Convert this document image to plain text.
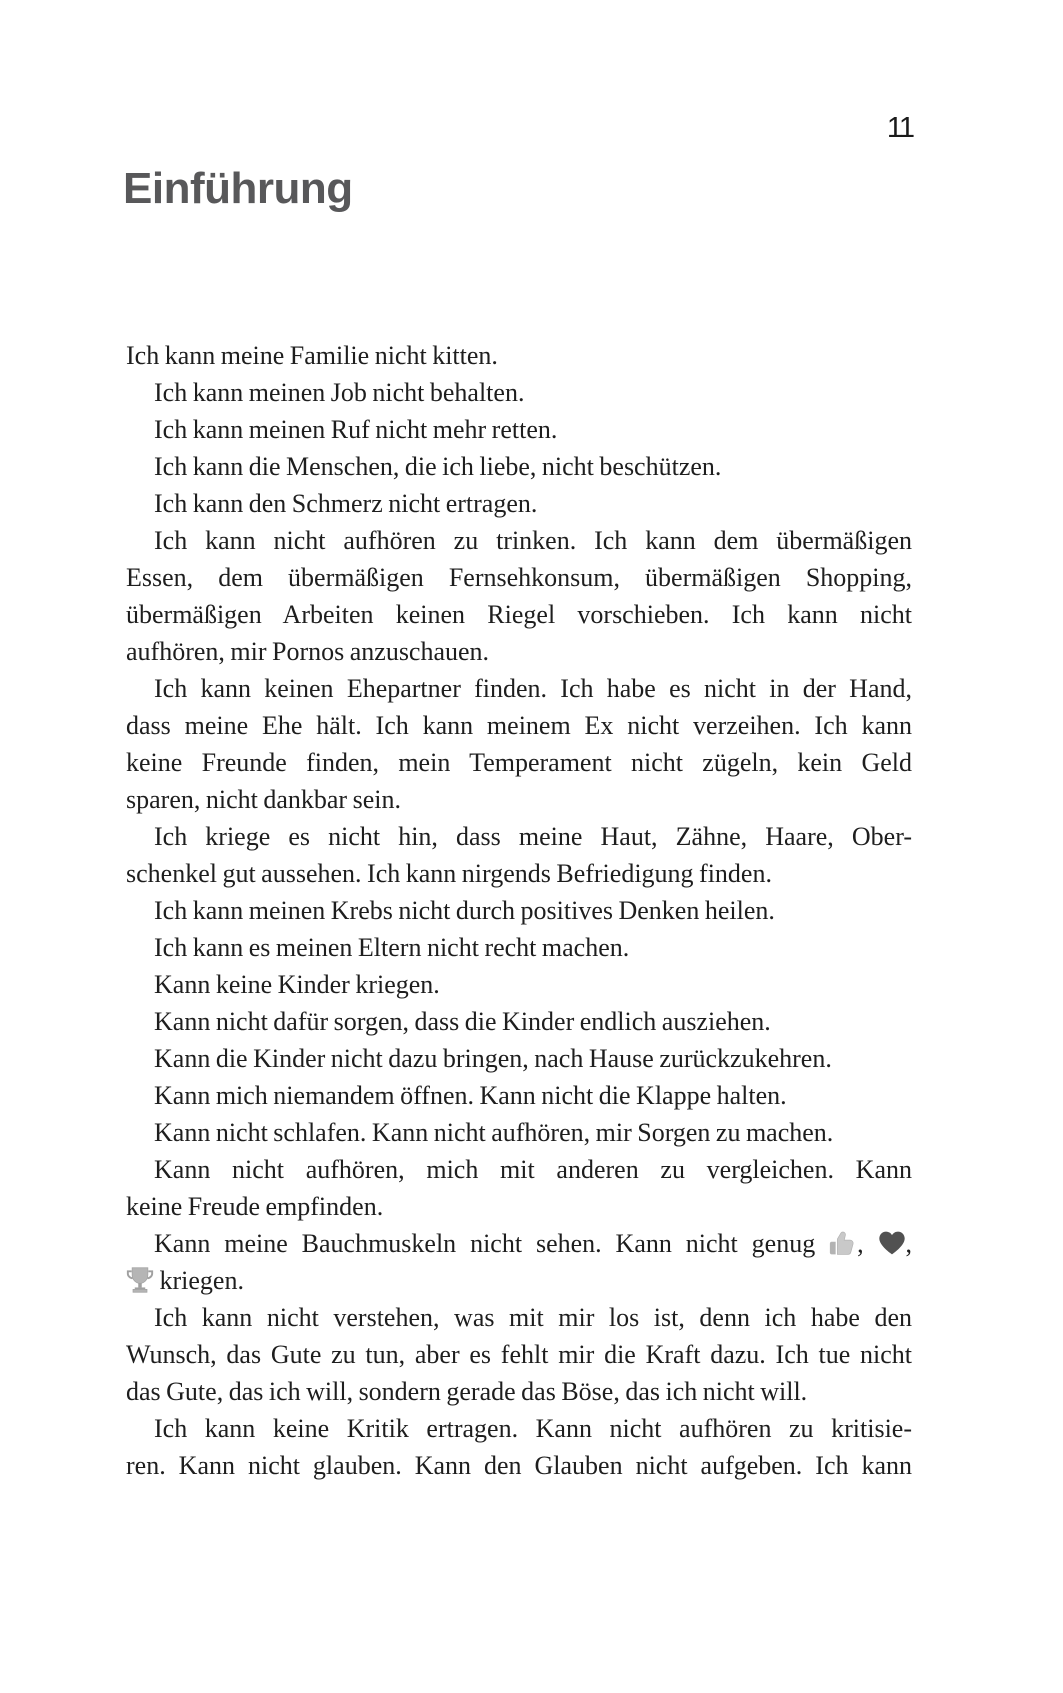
11
Einführung
Ich kann meine Familie nicht kitten.
Ich kann meinen Job nicht behalten.
Ich kann meinen Ruf nicht mehr retten.
Ich kann die Menschen, die ich liebe, nicht beschützen.
Ich kann den Schmerz nicht ertragen.
Ich kann nicht aufhören zu trinken. Ich kann dem übermäßigen
Essen, dem übermäßigen Fernsehkonsum, übermäßigen Shopping,
übermäßigen Arbeiten keinen Riegel vorschieben. Ich kann nicht
aufhören, mir Pornos anzuschauen.
Ich kann keinen Ehepartner finden. Ich habe es nicht in der Hand,
dass meine Ehe hält. Ich kann meinem Ex nicht verzeihen. Ich kann
keine Freunde finden, mein Temperament nicht zügeln, kein Geld
sparen, nicht dankbar sein.
Ich kriege es nicht hin, dass meine Haut, Zähne, Haare, Ober-
schenkel gut aussehen. Ich kann nirgends Befriedigung finden.
Ich kann meinen Krebs nicht durch positives Denken heilen.
Ich kann es meinen Eltern nicht recht machen.
Kann keine Kinder kriegen.
Kann nicht dafür sorgen, dass die Kinder endlich ausziehen.
Kann die Kinder nicht dazu bringen, nach Hause zurückzukehren.
Kann mich niemandem öffnen. Kann nicht die Klappe halten.
Kann nicht schlafen. Kann nicht aufhören, mir Sorgen zu machen.
Kann nicht aufhören, mich mit anderen zu vergleichen. Kann
keine Freude empfinden.
Kann meine Bauchmuskeln nicht sehen. Kann nicht genug
,
,
kriegen.
Ich kann nicht verstehen, was mit mir los ist, denn ich habe den
Wunsch, das Gute zu tun, aber es fehlt mir die Kraft dazu. Ich tue nicht
das Gute, das ich will, sondern gerade das Böse, das ich nicht will.
Ich kann keine Kritik ertragen. Kann nicht aufhören zu kritisie-
ren. Kann nicht glauben. Kann den Glauben nicht aufgeben. Ich kann
